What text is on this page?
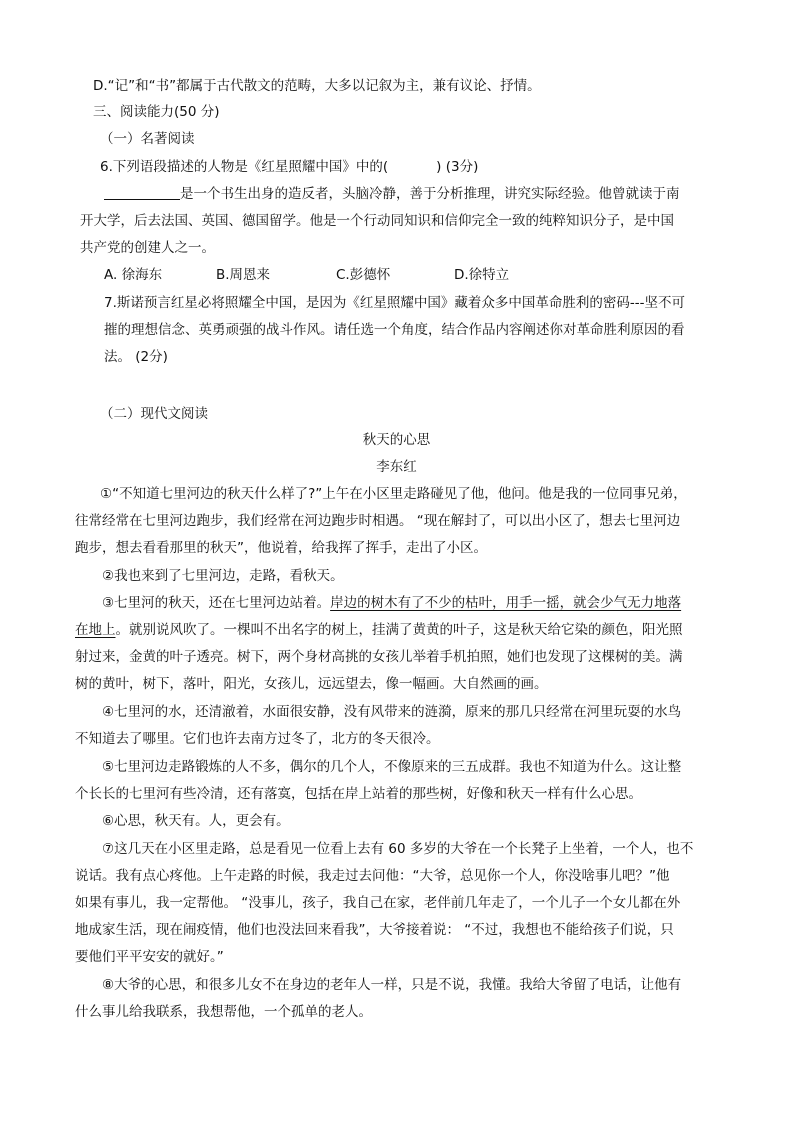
D.“记”和“书”都属于古代散文的范畴，大多以记叙为主，兼有议论、抒情。
三、阅读能力(50 分)
（一）名著阅读
6.下列语段描述的人物是《红星照耀中国》中的(	) (3分)
是一个书生出身的造反者，头脑冷静，善于分析推理，讲究实际经验。他曾就读于南
开大学，后去法国、英国、德国留学。他是一个行动同知识和信仰完全一致的纯粹知识分子，是中国
共产党的创建人之一。
A. 徐海东	B.周恩来	C.彭德怀	D.徐特立
7.斯诺预言红星必将照耀全中国，是因为《红星照耀中国》藏着众多中国革命胜利的密码---坚不可
摧的理想信念、英勇顽强的战斗作风。请任选一个角度，结合作品内容阐述你对革命胜利原因的看
法。 (2分)
（二）现代文阅读
秋天的心思
李东红
①“不知道七里河边的秋天什么样了?”上午在小区里走路碰见了他，他问。他是我的一位同事兄弟，
往常经常在七里河边跑步，我们经常在河边跑步时相遇。 “现在解封了，可以出小区了，想去七里河边
跑步，想去看看那里的秋天”，他说着，给我挥了挥手，走出了小区。
②我也来到了七里河边，走路，看秋天。
③七里河的秋天，还在七里河边站着。岸边的树木有了不少的枯叶，用手一摇，就会少气无力地落
在地上。就别说风吹了。一棵叫不出名字的树上，挂满了黄黄的叶子，这是秋天给它染的颜色，阳光照
射过来，金黄的叶子透亮。树下，两个身材高挑的女孩儿举着手机拍照，她们也发现了这棵树的美。满
树的黄叶，树下，落叶，阳光，女孩儿，远远望去，像一幅画。大自然画的画。
④七里河的水，还清澈着，水面很安静，没有风带来的涟漪，原来的那几只经常在河里玩耍的水鸟
不知道去了哪里。它们也许去南方过冬了，北方的冬天很冷。
⑤七里河边走路锻炼的人不多，偶尔的几个人，不像原来的三五成群。我也不知道为什么。这让整
个长长的七里河有些冷清，还有落寞，包括在岸上站着的那些树，好像和秋天一样有什么心思。
⑥心思，秋天有。人，更会有。
⑦这几天在小区里走路，总是看见一位看上去有 60 多岁的大爷在一个长凳子上坐着，一个人，也不
说话。我有点心疼他。上午走路的时候，我走过去问他：“大爷，总见你一个人，你没啥事儿吧？”他
如果有事儿，我一定帮他。 “没事儿，孩子，我自己在家，老伴前几年走了，一个儿子一个女儿都在外
地成家生活，现在闹疫情，他们也没法回来看我”，大爷接着说： “不过，我想也不能给孩子们说，只
要他们平平安安的就好。”
⑧大爷的心思，和很多儿女不在身边的老年人一样，只是不说，我懂。我给大爷留了电话，让他有
什么事儿给我联系，我想帮他，一个孤单的老人。
